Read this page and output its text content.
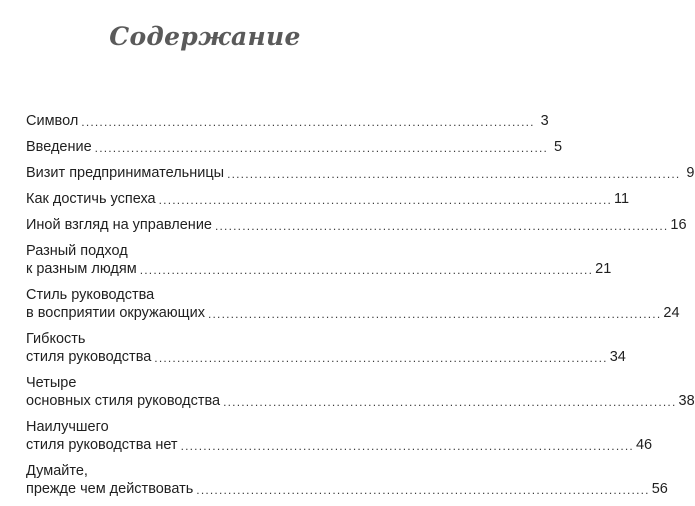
Содержание
Символ .................................................................................................... 3
Введение .................................................................................................... 5
Визит предпринимательницы .................................................................................................... 9
Как достичь успеха .................................................................................................... 11
Иной взгляд на управление .................................................................................................... 16
Разный подход
к разным людям .................................................................................................... 21
Стиль руководства
в восприятии окружающих .................................................................................................... 24
Гибкость
стиля руководства .................................................................................................... 34
Четыре
основных стиля руководства .................................................................................................... 38
Наилучшего
стиля руководства нет .................................................................................................... 46
Думайте,
прежде чем действовать .................................................................................................... 56
